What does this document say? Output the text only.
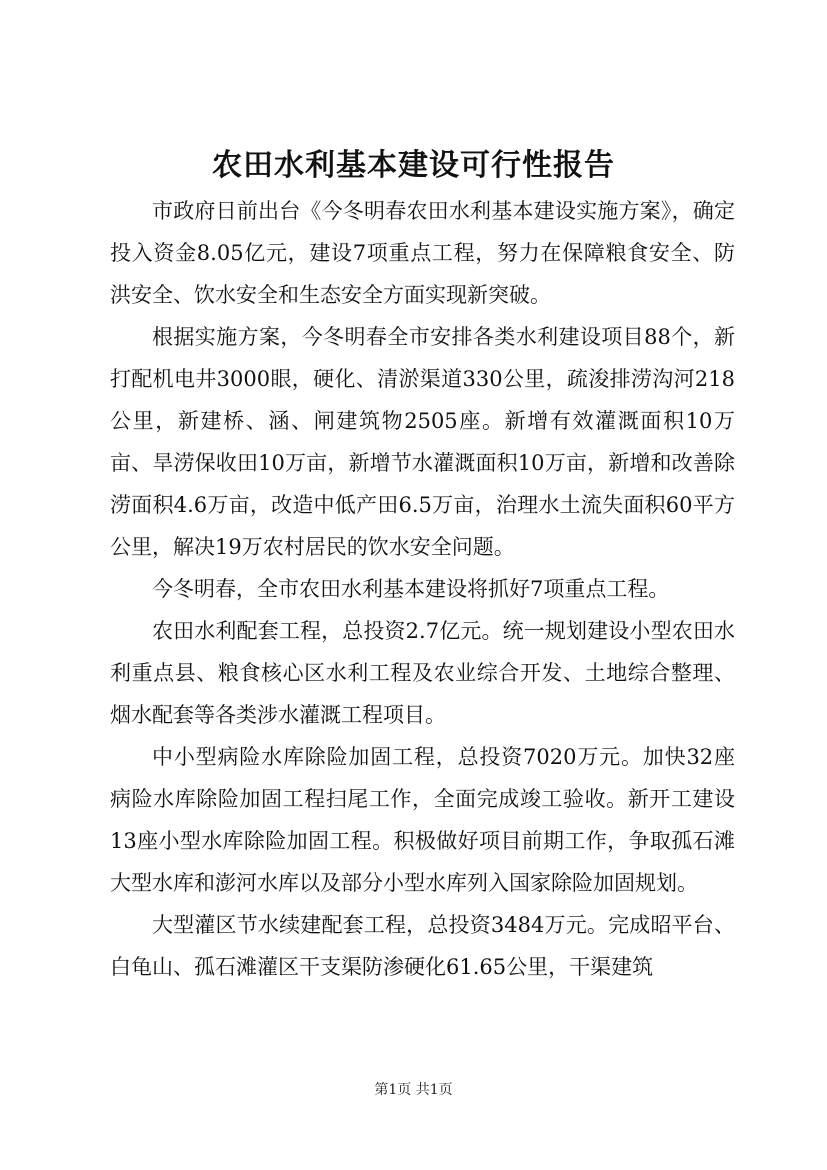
农田水利基本建设可行性报告

市政府日前出台《今冬明春农田水利基本建设实施方案》，确定投入资金8.05亿元，建设7项重点工程，努力在保障粮食安全、防洪安全、饮水安全和生态安全方面实现新突破。

根据实施方案，今冬明春全市安排各类水利建设项目88个，新打配机电井3000眼，硬化、清淤渠道330公里，疏浚排涝沟河218公里，新建桥、涵、闸建筑物2505座。新增有效灌溉面积10万亩、旱涝保收田10万亩，新增节水灌溉面积10万亩，新增和改善除涝面积4.6万亩，改造中低产田6.5万亩，治理水土流失面积60平方公里，解决19万农村居民的饮水安全问题。

今冬明春，全市农田水利基本建设将抓好7项重点工程。

农田水利配套工程，总投资2.7亿元。统一规划建设小型农田水利重点县、粮食核心区水利工程及农业综合开发、土地综合整理、烟水配套等各类涉水灌溉工程项目。

中小型病险水库除险加固工程，总投资7020万元。加快32座病险水库除险加固工程扫尾工作，全面完成竣工验收。新开工建设13座小型水库除险加固工程。积极做好项目前期工作，争取孤石滩大型水库和澎河水库以及部分小型水库列入国家除险加固规划。

大型灌区节水续建配套工程，总投资3484万元。完成昭平台、白龟山、孤石滩灌区干支渠防渗硬化61.65公里，干渠建筑

第1页 共1页
